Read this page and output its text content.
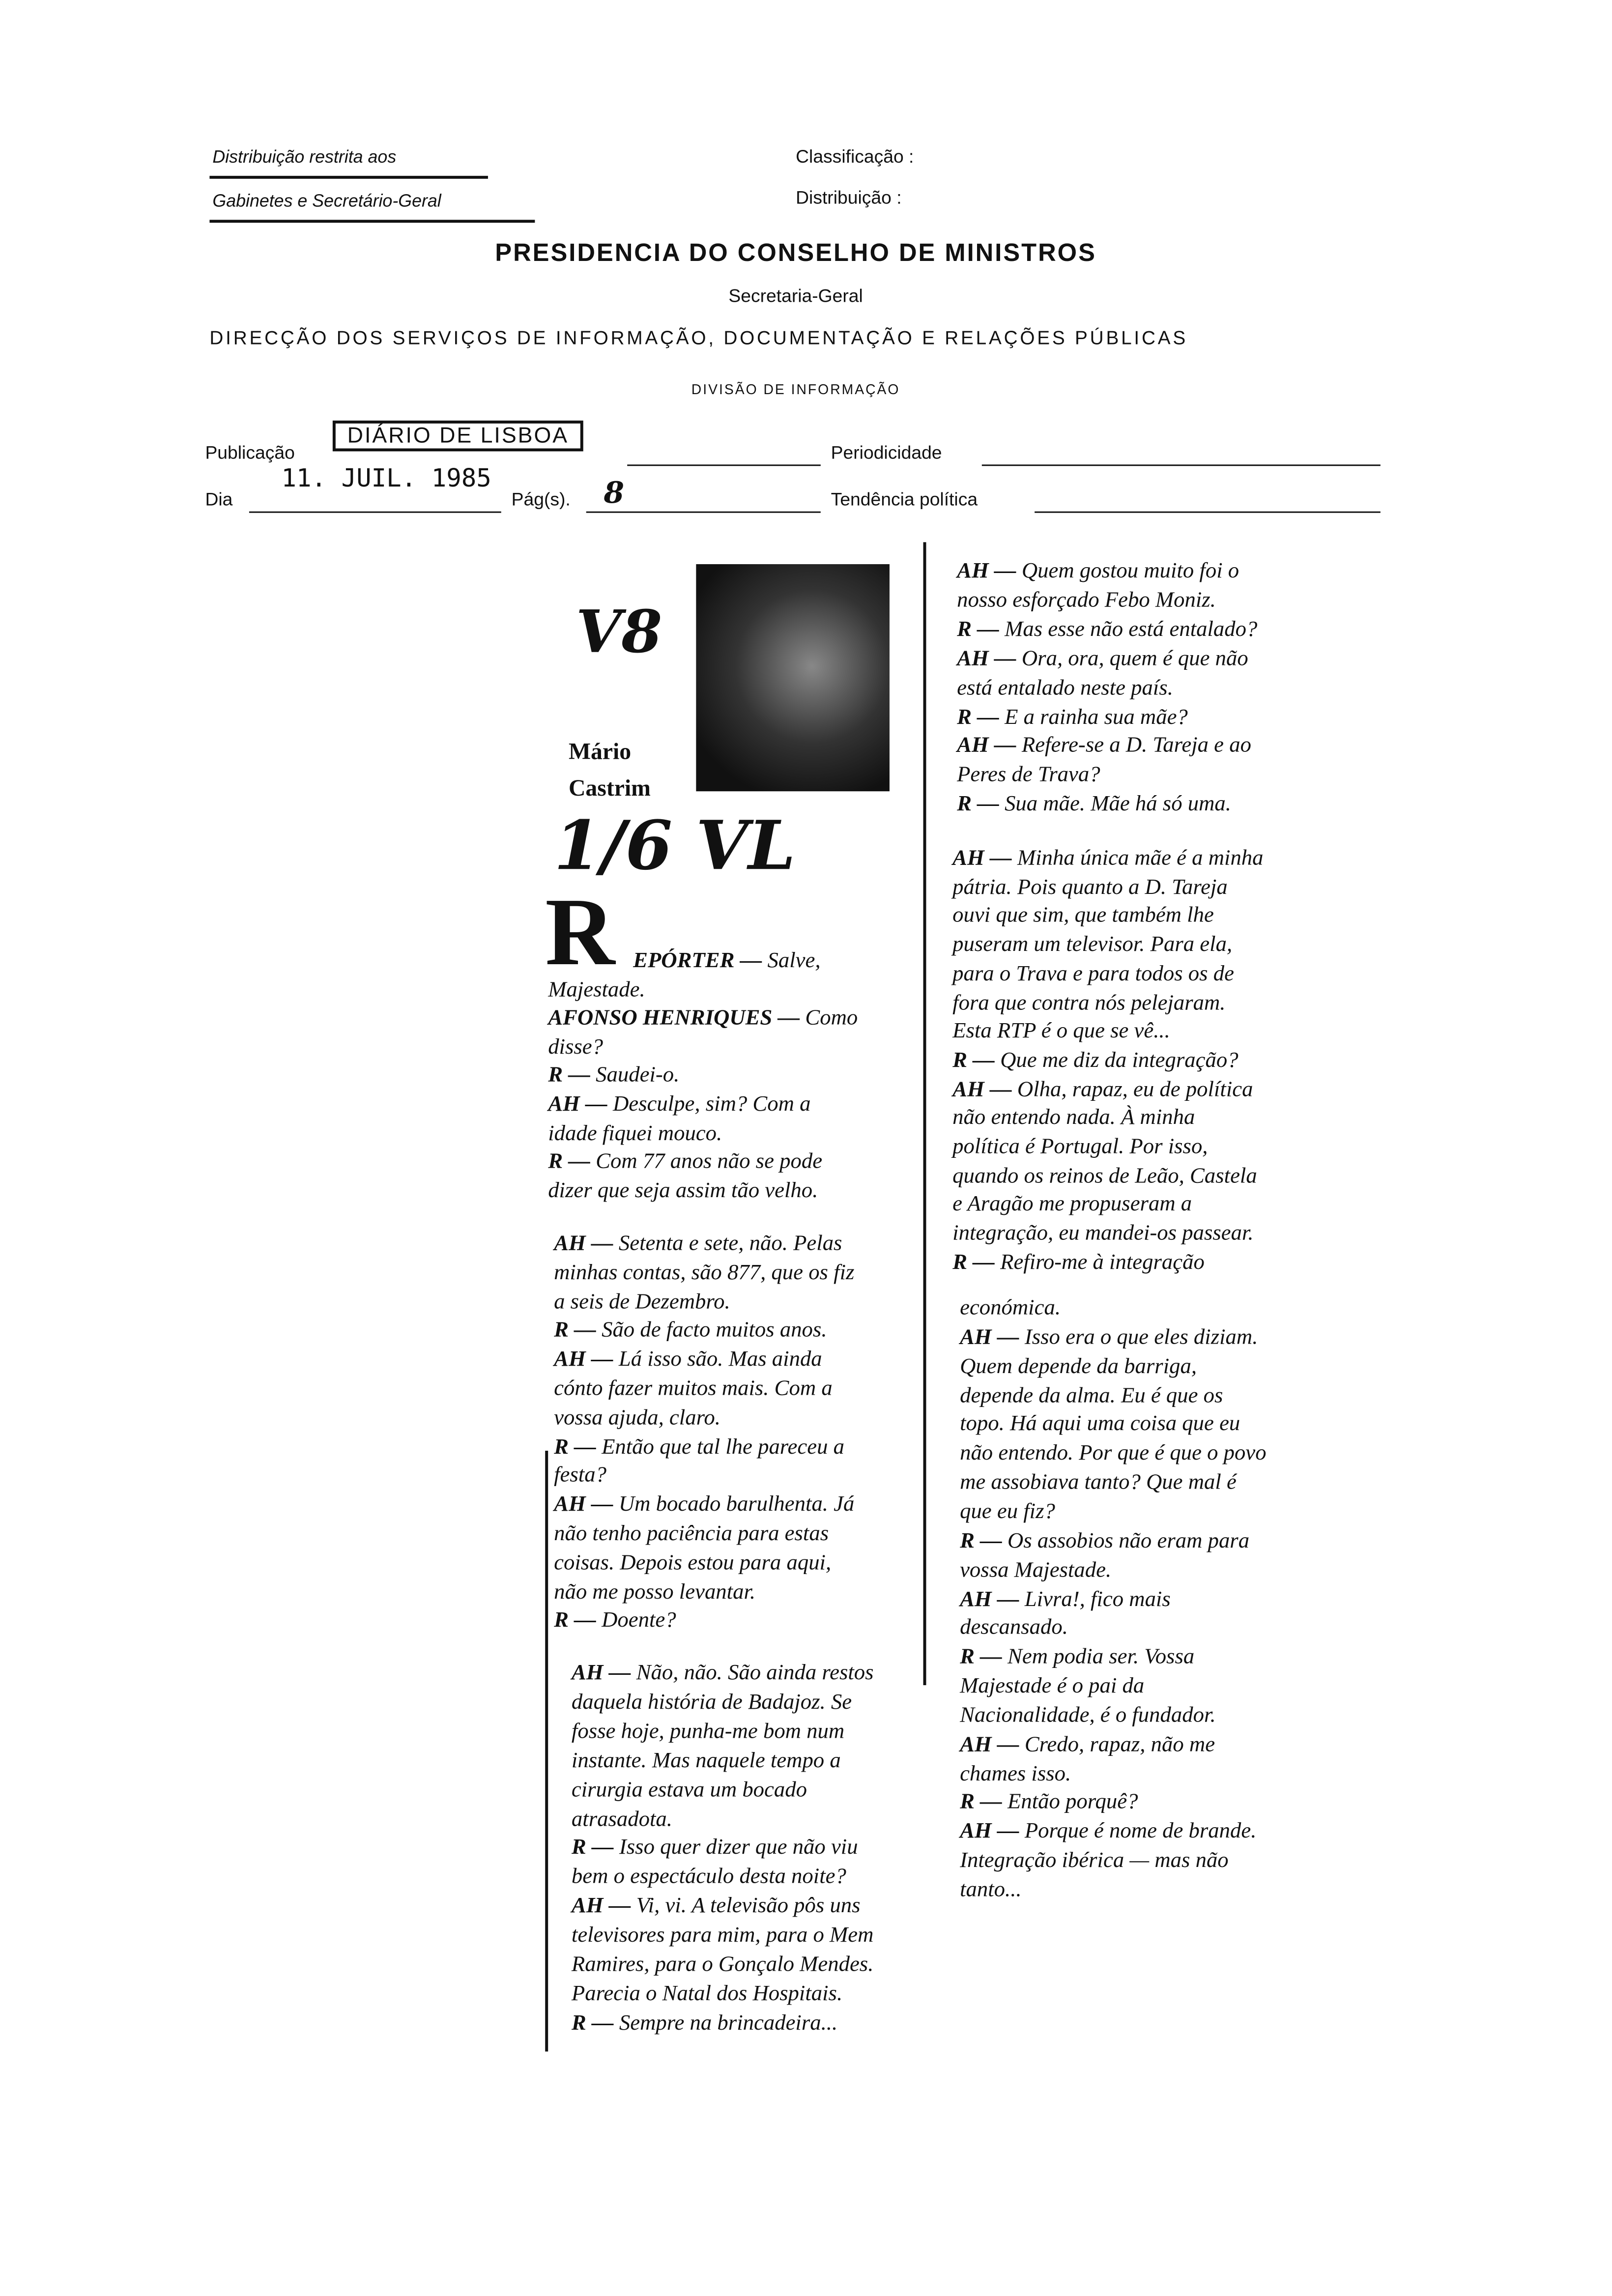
Distribuição restrita aos
Gabinetes e Secretário-Geral
Classificação :
Distribuição :
PRESIDENCIA DO CONSELHO DE MINISTROS
Secretaria-Geral
DIRECÇÃO DOS SERVIÇOS DE INFORMAÇÃO, DOCUMENTAÇÃO E RELAÇÕES PÚBLICAS
DIVISÃO DE INFORMAÇÃO
Publicação
DIÁRIO DE LISBOA
Periodicidade
Dia
11. JUIL. 1985
Pág(s).	8	Tendência política
V8
Mário
Castrim
1/6 VL
R EPÓRTER — Salve,
Majestade.
AFONSO HENRIQUES — Como
disse?
R — Saudei-o.
AH — Desculpe, sim? Com a
idade fiquei mouco.
R — Com 77 anos não se pode
dizer que seja assim tão velho.
AH — Setenta e sete, não. Pelas
minhas contas, são 877, que os fiz
a seis de Dezembro.
R — São de facto muitos anos.
AH — Lá isso são. Mas ainda
cónto fazer muitos mais. Com a
vossa ajuda, claro.
R — Então que tal lhe pareceu a
festa?
AH — Um bocado barulhenta. Já
não tenho paciência para estas
coisas. Depois estou para aqui,
não me posso levantar.
R — Doente?
AH — Não, não. São ainda restos
daquela história de Badajoz. Se
fosse hoje, punha-me bom num
instante. Mas naquele tempo a
cirurgia estava um bocado
atrasadota.
R — Isso quer dizer que não viu
bem o espectáculo desta noite?
AH — Vi, vi. A televisão pôs uns
televisores para mim, para o Mem
Ramires, para o Gonçalo Mendes.
Parecia o Natal dos Hospitais.
R — Sempre na brincadeira...
AH — Quem gostou muito foi o
nosso esforçado Febo Moniz.
R — Mas esse não está entalado?
AH — Ora, ora, quem é que não
está entalado neste país.
R — E a rainha sua mãe?
AH — Refere-se a D. Tareja e ao
Peres de Trava?
R — Sua mãe. Mãe há só uma.
AH — Minha única mãe é a minha
pátria. Pois quanto a D. Tareja
ouvi que sim, que também lhe
puseram um televisor. Para ela,
para o Trava e para todos os de
fora que contra nós pelejaram.
Esta RTP é o que se vê...
R — Que me diz da integração?
AH — Olha, rapaz, eu de política
não entendo nada. À minha
política é Portugal. Por isso,
quando os reinos de Leão, Castela
e Aragão me propuseram a
integração, eu mandei-os passear.
R — Refiro-me à integração
económica.
AH — Isso era o que eles diziam.
Quem depende da barriga,
depende da alma. Eu é que os
topo. Há aqui uma coisa que eu
não entendo. Por que é que o povo
me assobiava tanto? Que mal é
que eu fiz?
R — Os assobios não eram para
vossa Majestade.
AH — Livra!, fico mais
descansado.
R — Nem podia ser. Vossa
Majestade é o pai da
Nacionalidade, é o fundador.
AH — Credo, rapaz, não me
chames isso.
R — Então porquê?
AH — Porque é nome de brande.
Integração ibérica — mas não
tanto...
